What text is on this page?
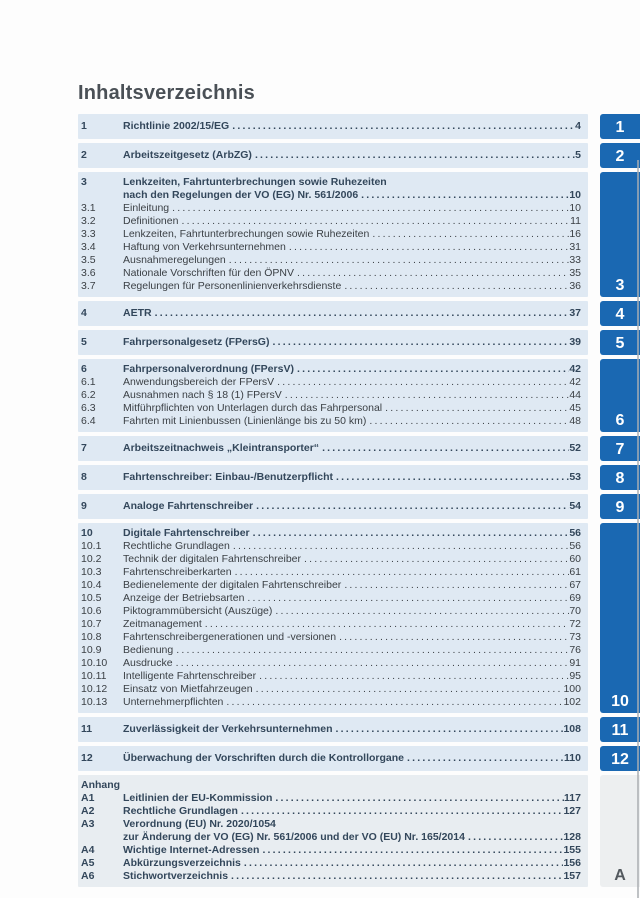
Inhaltsverzeichnis
1	Richtlinie 2002/15/EG .....	4
2	Arbeitszeitgesetz (ArbZG) .....	5
3	Lenkzeiten, Fahrtunterbrechungen sowie Ruhezeiten
nach den Regelungen der VO (EG) Nr. 561/2006 .....	10
3.1	Einleitung .....	10
3.2	Definitionen .....	11
3.3	Lenkzeiten, Fahrtunterbrechungen sowie Ruhezeiten .....	16
3.4	Haftung von Verkehrsunternehmen .....	31
3.5	Ausnahmeregelungen .....	33
3.6	Nationale Vorschriften für den ÖPNV .....	35
3.7	Regelungen für Personenlinienverkehrsdienste .....	36
4	AETR .....	37
5	Fahrpersonalgesetz (FPersG) .....	39
6	Fahrpersonalverordnung (FPersV) .....	42
6.1	Anwendungsbereich der FPersV .....	42
6.2	Ausnahmen nach § 18 (1) FPersV .....	44
6.3	Mitführpflichten von Unterlagen durch das Fahrpersonal .....	45
6.4	Fahrten mit Linienbussen (Linienlänge bis zu 50 km) .....	48
7	Arbeitszeitnachweis „Kleintransporter“ .....	52
8	Fahrtenschreiber: Einbau-/Benutzerpflicht .....	53
9	Analoge Fahrtenschreiber .....	54
10	Digitale Fahrtenschreiber .....	56
10.1	Rechtliche Grundlagen .....	56
10.2	Technik der digitalen Fahrtenschreiber .....	60
10.3	Fahrtenschreiberkarten .....	61
10.4	Bedienelemente der digitalen Fahrtenschreiber .....	67
10.5	Anzeige der Betriebsarten .....	69
10.6	Piktogrammübersicht (Auszüge) .....	70
10.7	Zeitmanagement .....	72
10.8	Fahrtenschreibergenerationen und -versionen .....	73
10.9	Bedienung .....	76
10.10	Ausdrucke .....	91
10.11	Intelligente Fahrtenschreiber .....	95
10.12	Einsatz von Mietfahrzeugen .....	100
10.13	Unternehmerpflichten .....	102
11	Zuverlässigkeit der Verkehrsunternehmen .....	108
12	Überwachung der Vorschriften durch die Kontrollorgane .....	110
Anhang
A1	Leitlinien der EU-Kommission .....	117
A2	Rechtliche Grundlagen .....	127
A3	Verordnung (EU) Nr. 2020/1054
zur Änderung der VO (EG) Nr. 561/2006 und der VO (EU) Nr. 165/2014 .....	128
A4	Wichtige Internet-Adressen .....	155
A5	Abkürzungsverzeichnis .....	156
A6	Stichwortverzeichnis .....	157
1
2
3
4
5
6
7
8
9
10
11
12
A
